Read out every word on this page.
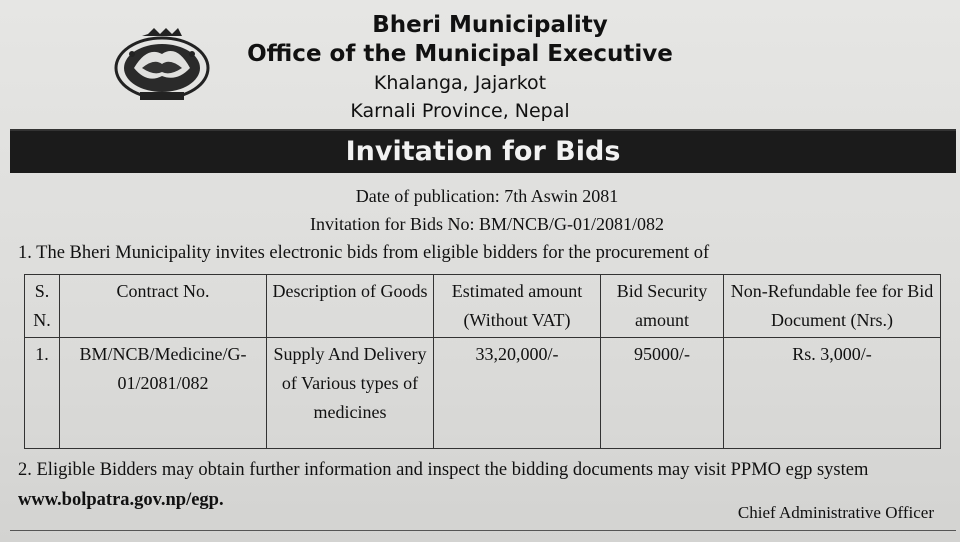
Bheri Municipality
Office of the Municipal Executive
Khalanga, Jajarkot
Karnali Province, Nepal
Invitation for Bids
Date of publication: 7th Aswin 2081
Invitation for Bids No: BM/NCB/G-01/2081/082
1. The Bheri Municipality invites electronic bids from eligible bidders for the procurement of
S. N.	Contract No.	Description of Goods	Estimated amount (Without VAT)	Bid Security amount	Non-Refundable fee for Bid Document (Nrs.)
1.	BM/NCB/Medicine/G-01/2081/082	Supply And Delivery of Various types of medicines	33,20,000/-	95000/-	Rs. 3,000/-
2. Eligible Bidders may obtain further information and inspect the bidding documents may visit PPMO egp system www.bolpatra.gov.np/egp.
Chief Administrative Officer
